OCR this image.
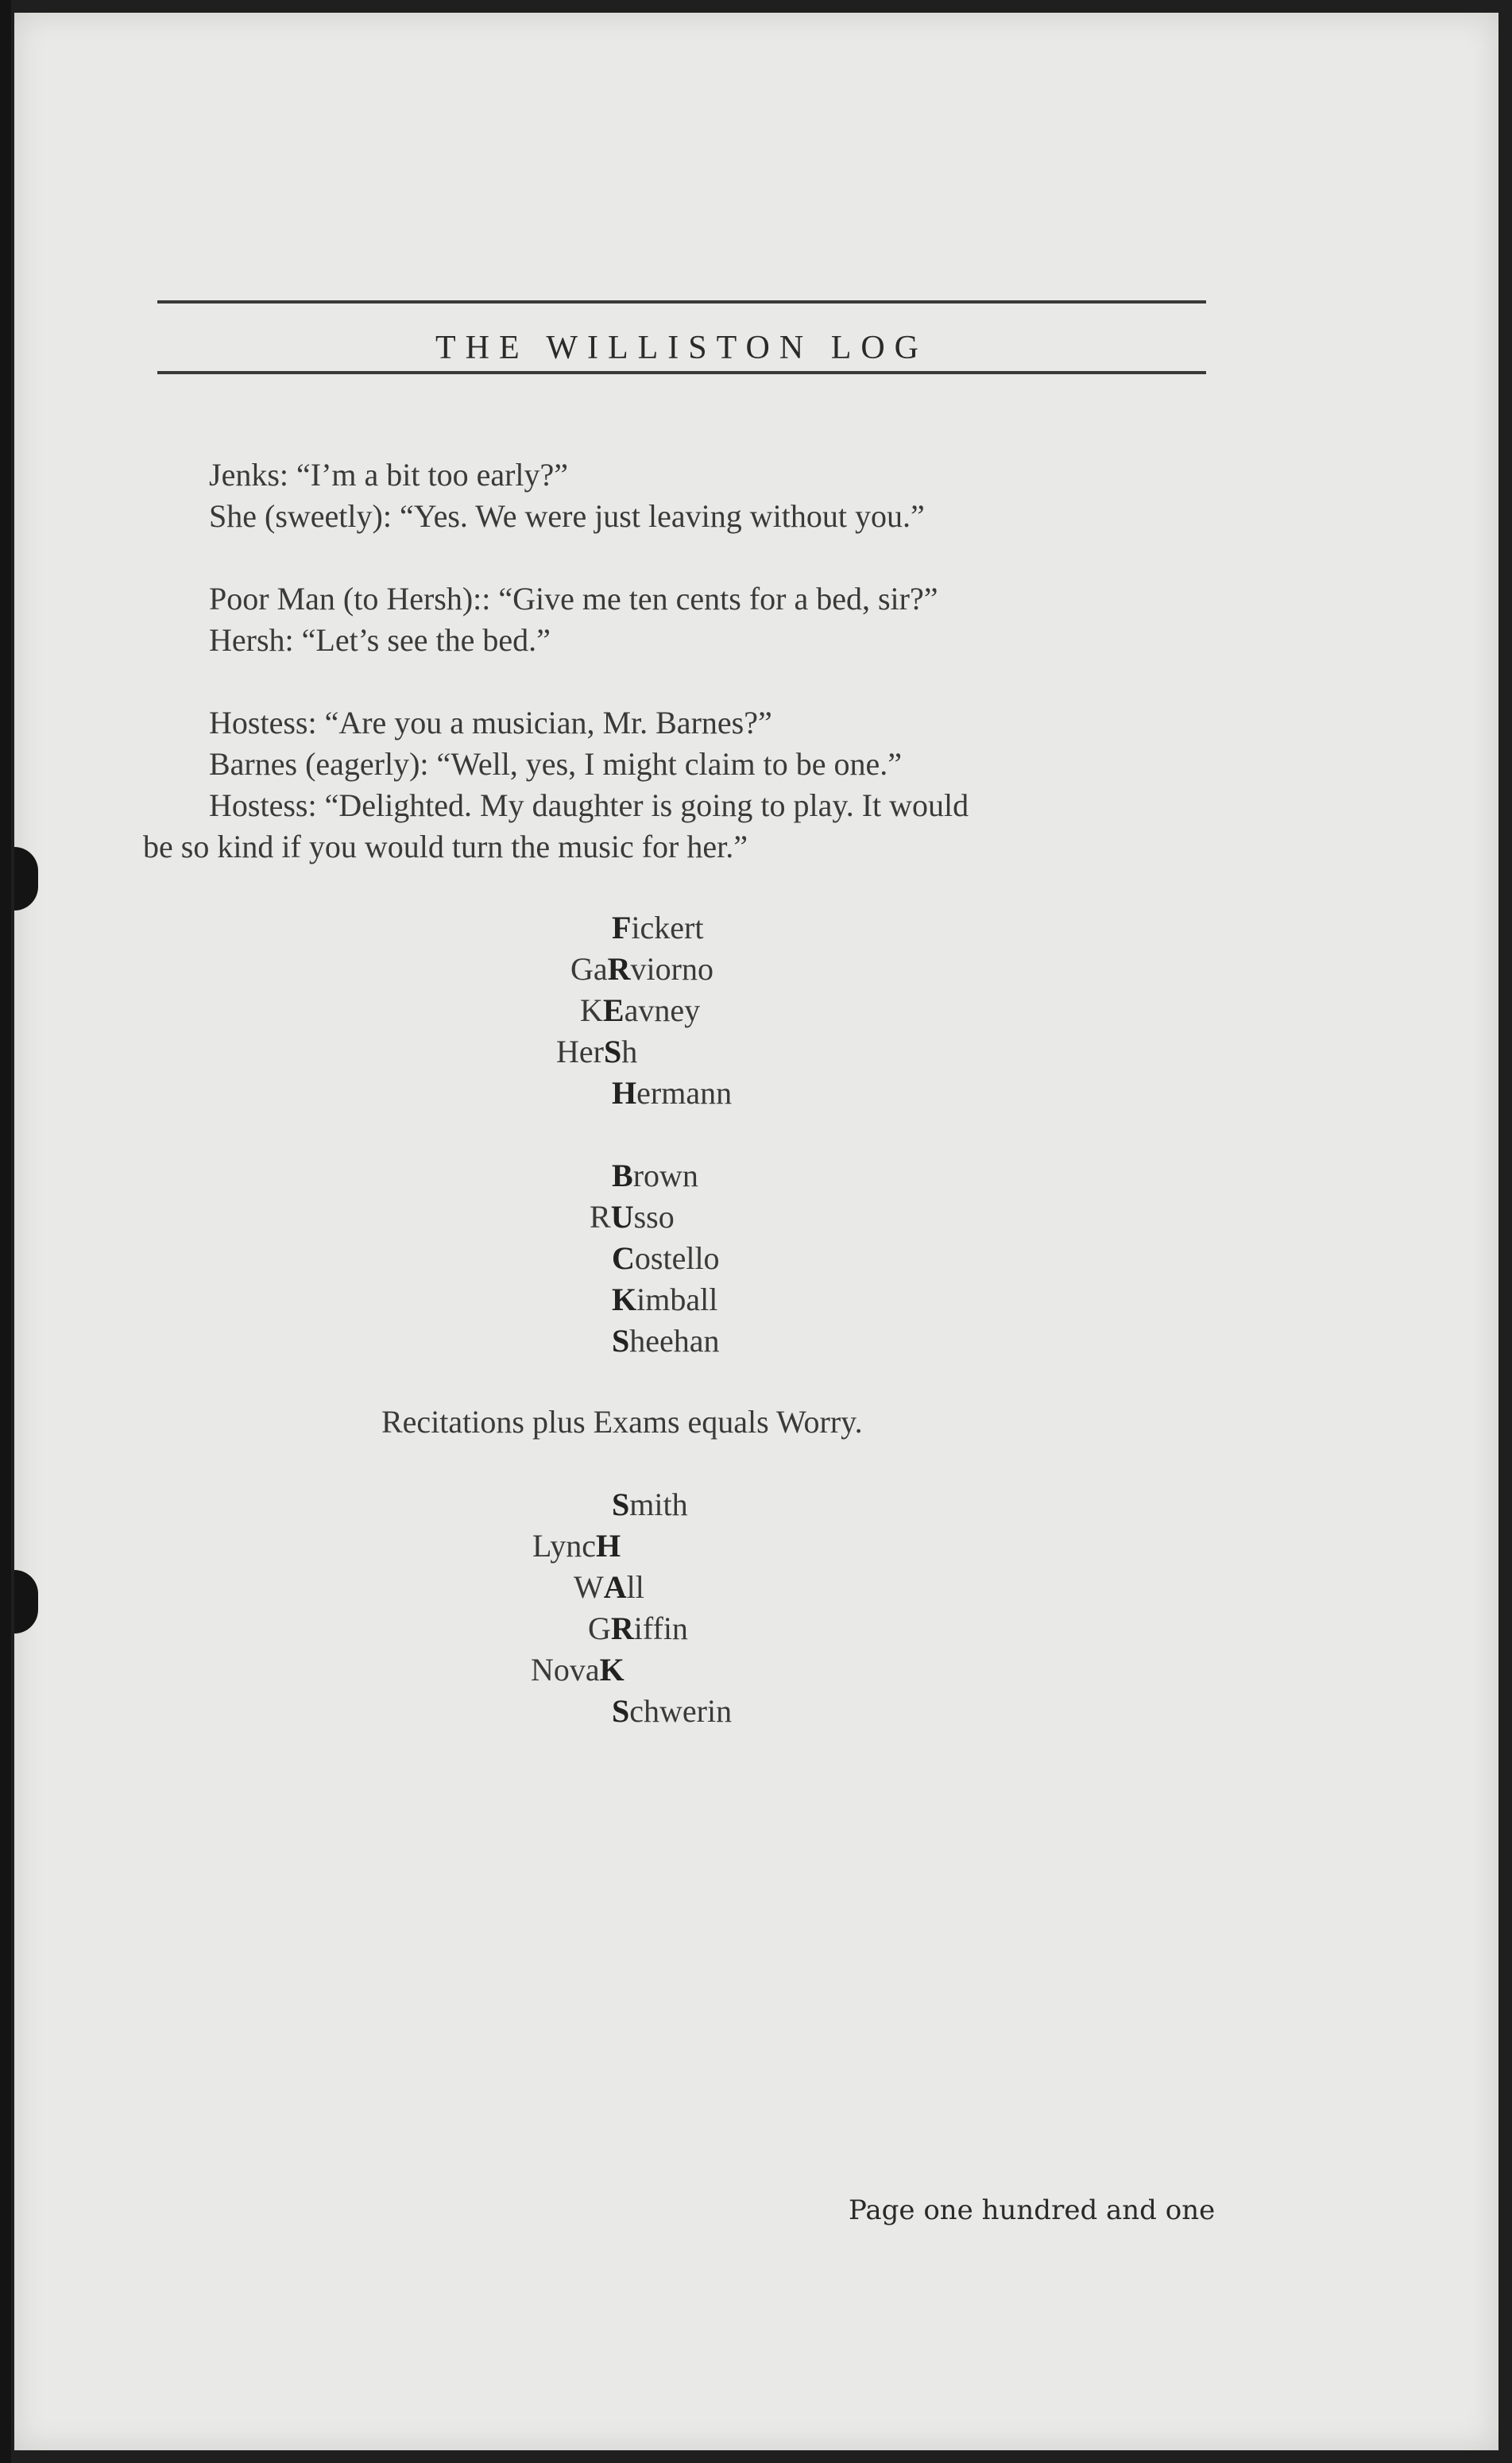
THE WILLISTON LOG
Jenks: “I’m a bit too early?”
She (sweetly): “Yes. We were just leaving without you.”
Poor Man (to Hersh):: “Give me ten cents for a bed, sir?”
Hersh: “Let’s see the bed.”
Hostess: “Are you a musician, Mr. Barnes?”
Barnes (eagerly): “Well, yes, I might claim to be one.”
Hostess: “Delighted. My daughter is going to play. It would
be so kind if you would turn the music for her.”
Fickert
GaRviorno
KEavney
HerSh
Hermann
Brown
RUsso
Costello
Kimball
Sheehan
Recitations plus Exams equals Worry.
Smith
LyncH
WAll
GRiffin
NovaK
Schwerin
Page one hundred and one
